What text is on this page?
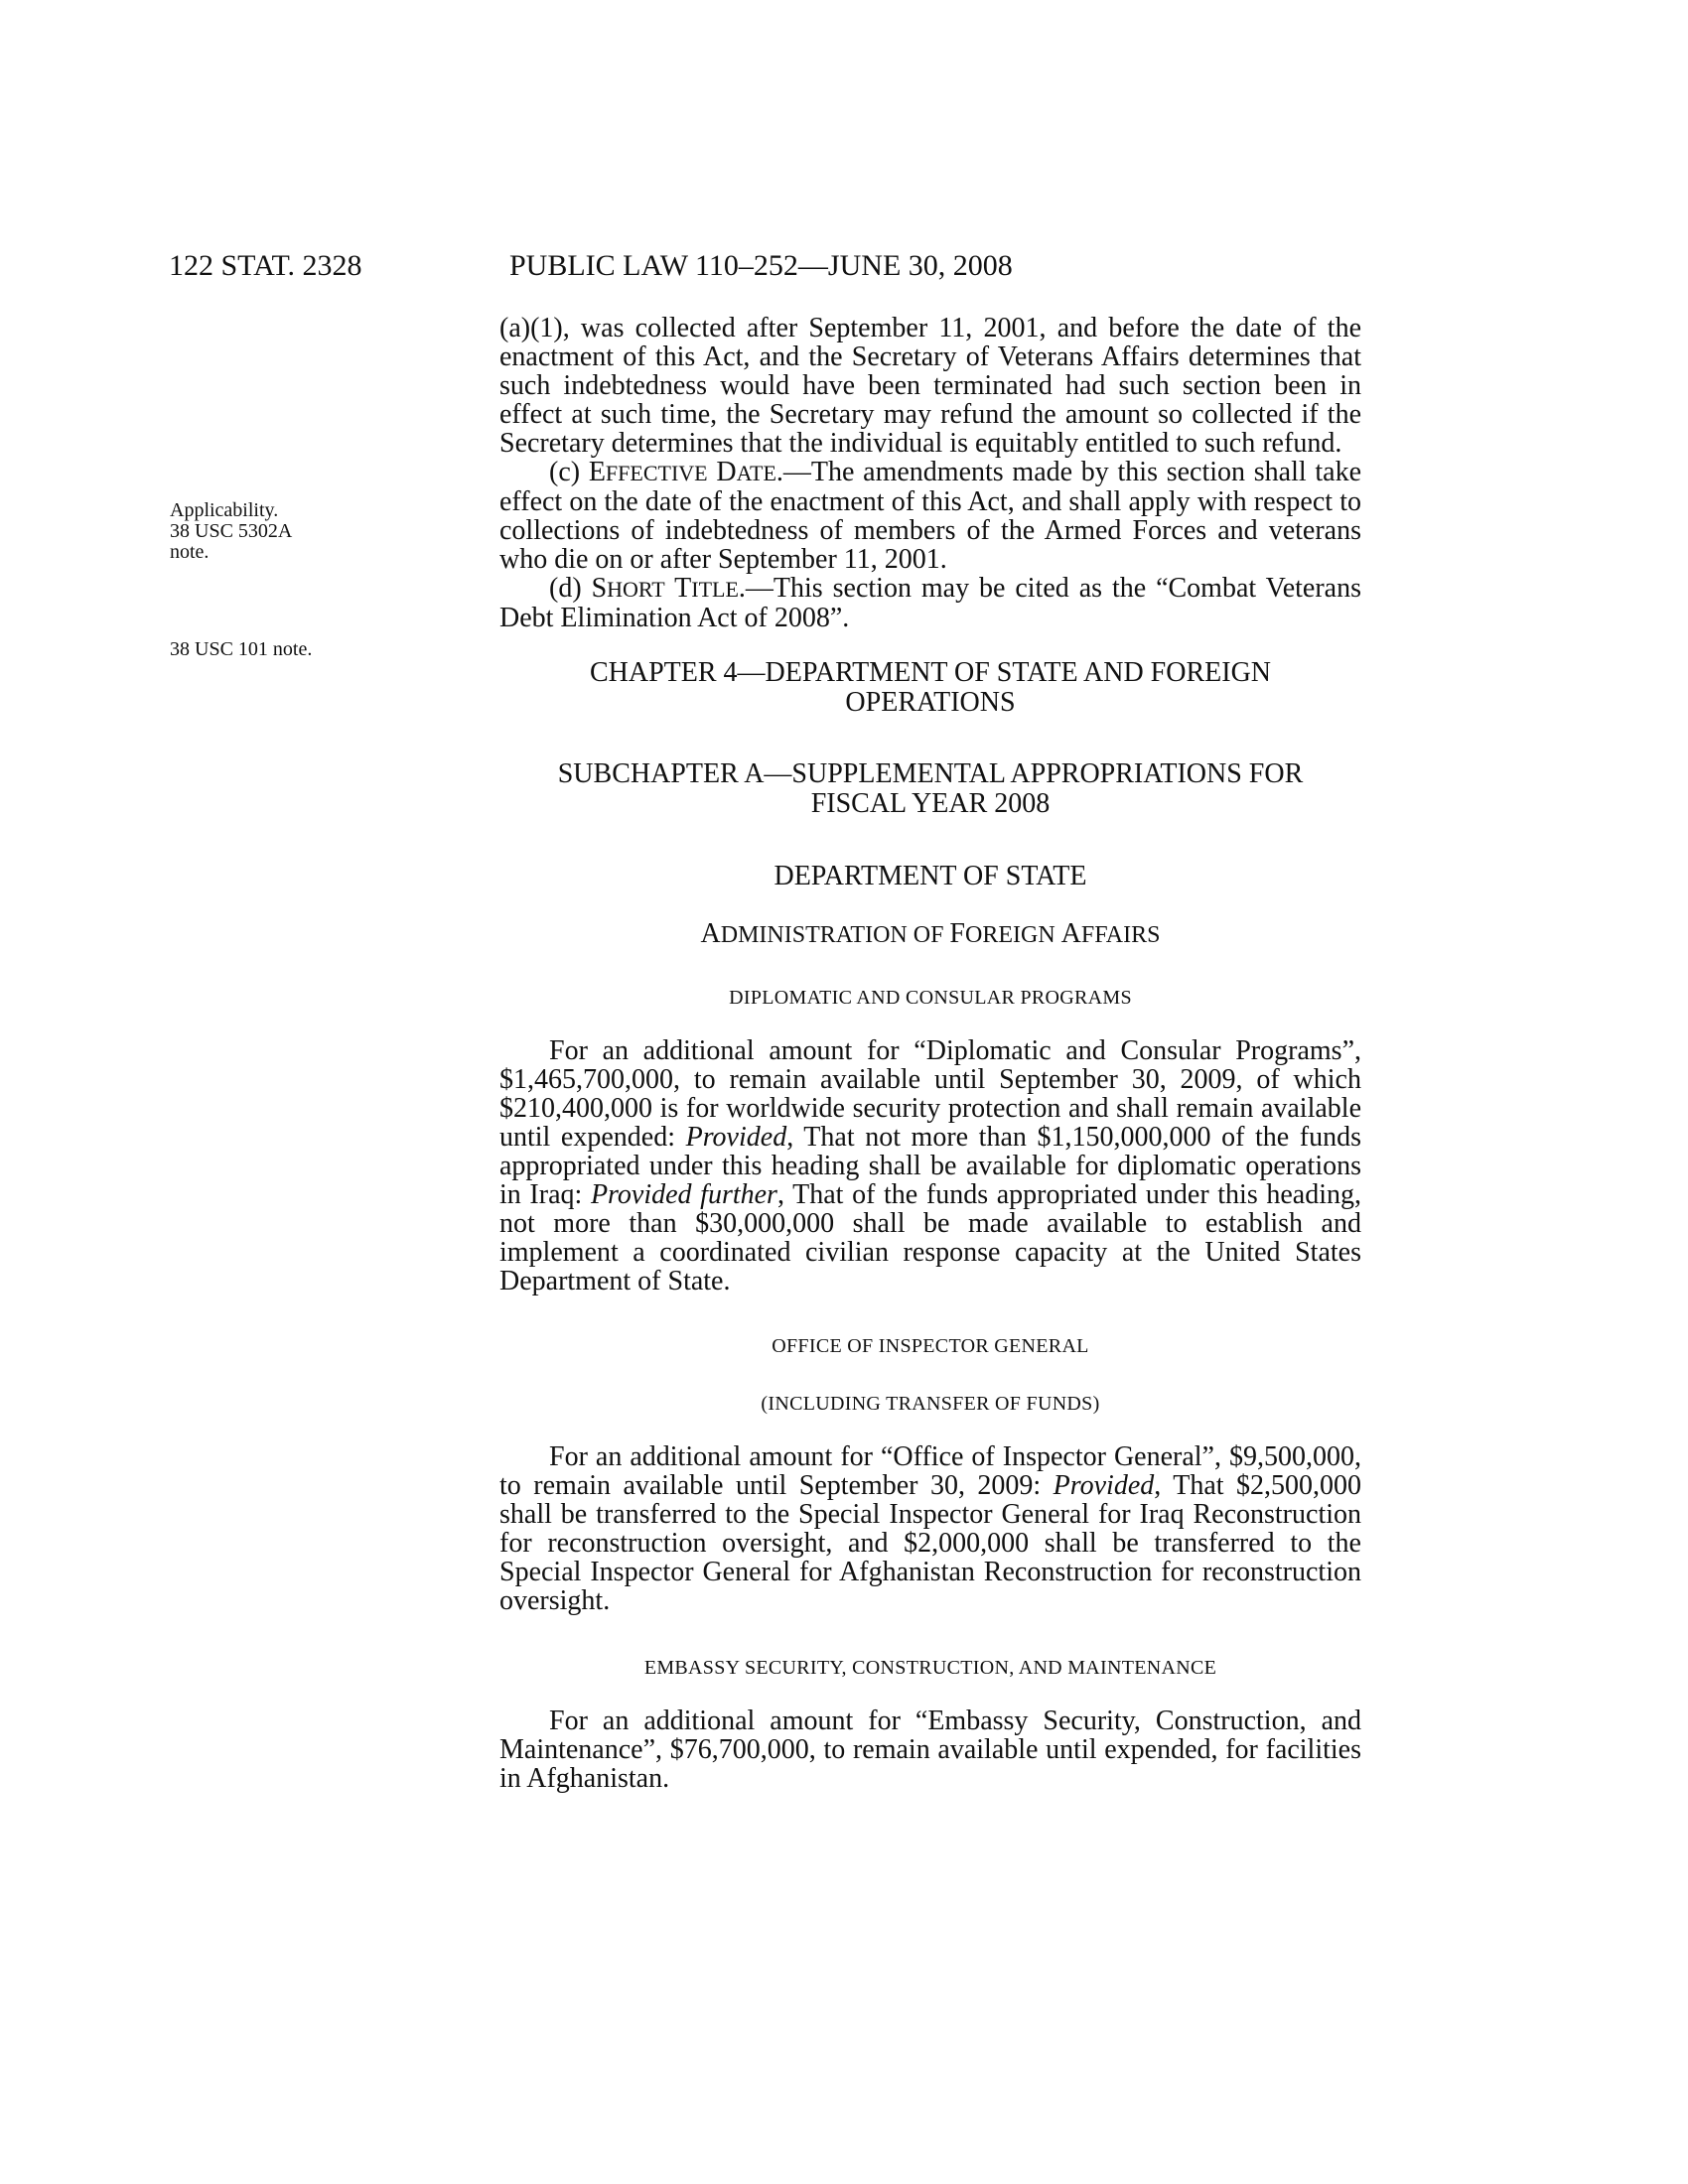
122 STAT. 2328	PUBLIC LAW 110–252—JUNE 30, 2008
Applicability.
38 USC 5302A
note.
38 USC 101 note.

(a)(1), was collected after September 11, 2001, and before the date of the enactment of this Act, and the Secretary of Veterans Affairs determines that such indebtedness would have been terminated had such section been in effect at such time, the Secretary may refund the amount so collected if the Secretary determines that the individual is equitably entitled to such refund.

(c) EFFECTIVE DATE.—The amendments made by this section shall take effect on the date of the enactment of this Act, and shall apply with respect to collections of indebtedness of members of the Armed Forces and veterans who die on or after September 11, 2001.

(d) SHORT TITLE.—This section may be cited as the “Combat Veterans Debt Elimination Act of 2008”.

CHAPTER 4—DEPARTMENT OF STATE AND FOREIGN OPERATIONS
SUBCHAPTER A—SUPPLEMENTAL APPROPRIATIONS FOR FISCAL YEAR 2008
DEPARTMENT OF STATE
ADMINISTRATION OF FOREIGN AFFAIRS
DIPLOMATIC AND CONSULAR PROGRAMS

For an additional amount for “Diplomatic and Consular Programs”, $1,465,700,000, to remain available until September 30, 2009, of which $210,400,000 is for worldwide security protection and shall remain available until expended: Provided, That not more than $1,150,000,000 of the funds appropriated under this heading shall be available for diplomatic operations in Iraq: Provided further, That of the funds appropriated under this heading, not more than $30,000,000 shall be made available to establish and implement a coordinated civilian response capacity at the United States Department of State.

OFFICE OF INSPECTOR GENERAL
(INCLUDING TRANSFER OF FUNDS)

For an additional amount for “Office of Inspector General”, $9,500,000, to remain available until September 30, 2009: Provided, That $2,500,000 shall be transferred to the Special Inspector General for Iraq Reconstruction for reconstruction oversight, and $2,000,000 shall be transferred to the Special Inspector General for Afghanistan Reconstruction for reconstruction oversight.

EMBASSY SECURITY, CONSTRUCTION, AND MAINTENANCE

For an additional amount for “Embassy Security, Construction, and Maintenance”, $76,700,000, to remain available until expended, for facilities in Afghanistan.
